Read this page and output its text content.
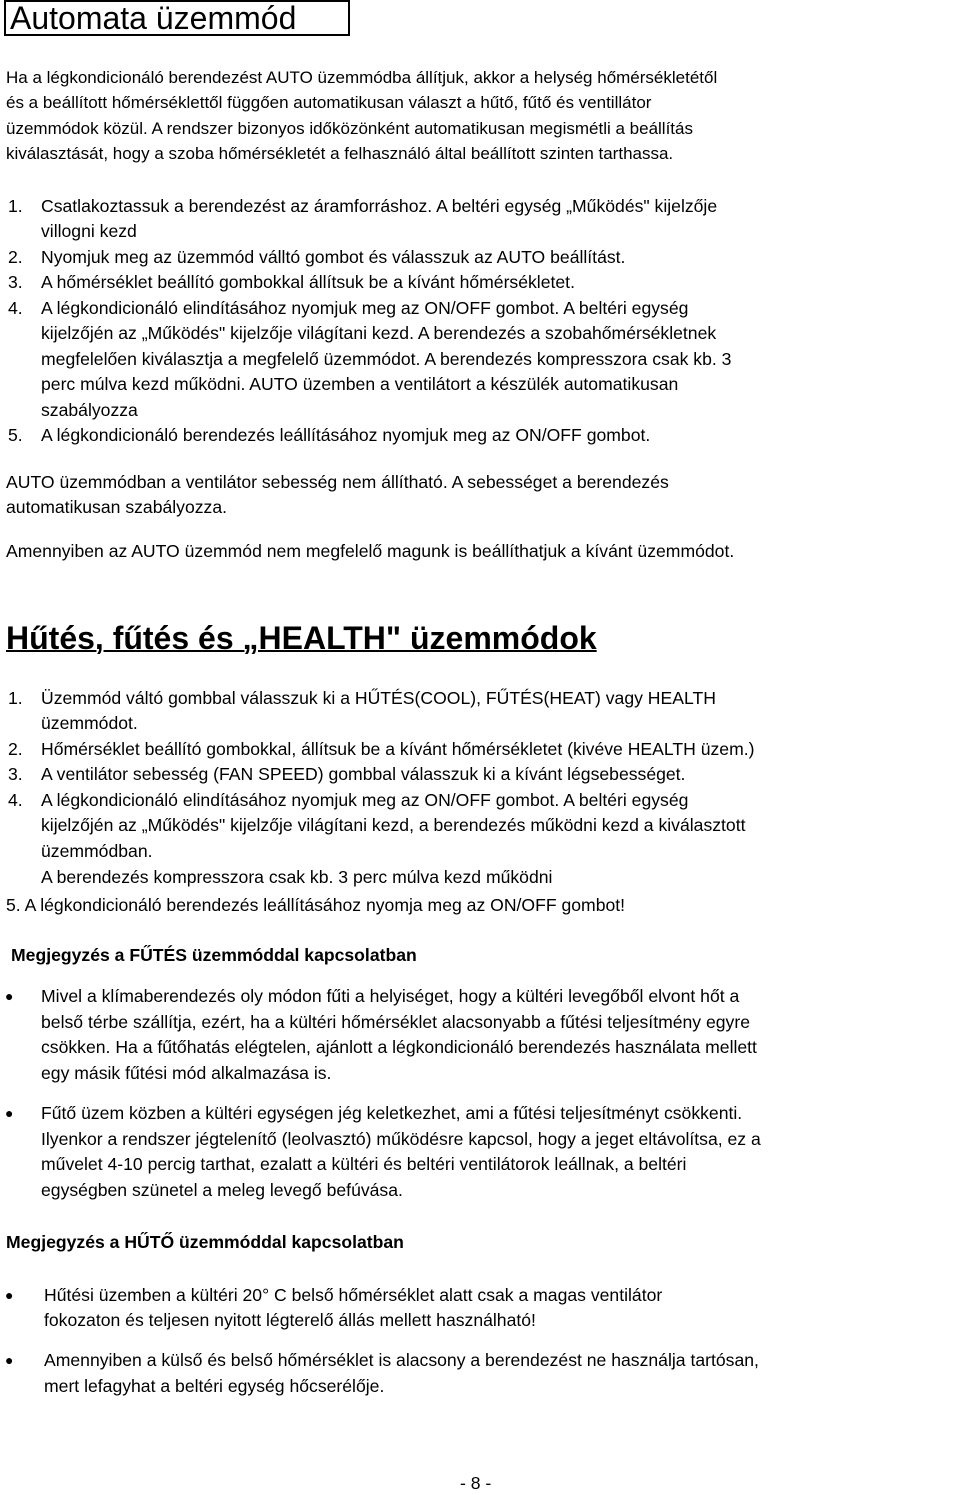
Automata üzemmód
Ha a légkondicionáló berendezést AUTO üzemmódba állítjuk, akkor a helység hőmérsékletétől
és a beállított hőmérséklettől függően automatikusan választ a hűtő, fűtő és ventillátor
üzemmódok közül. A rendszer bizonyos időközönként automatikusan megismétli a beállítás
kiválasztását, hogy a szoba hőmérsékletét a felhasználó által beállított szinten tarthassa.
1. Csatlakoztassuk a berendezést az áramforráshoz. A beltéri egység „Működés" kijelzője
villogni kezd
2. Nyomjuk meg az üzemmód válltó gombot és válasszuk az AUTO beállítást.
3. A hőmérséklet beállító gombokkal állítsuk be a kívánt hőmérsékletet.
4. A légkondicionáló elindításához nyomjuk meg az ON/OFF gombot. A beltéri egység
kijelzőjén az „Működés" kijelzője világítani kezd. A berendezés a szobahőmérsékletnek
megfelelően kiválasztja a megfelelő üzemmódot. A berendezés kompresszora csak kb. 3
perc múlva kezd működni. AUTO üzemben a ventilátort a készülék automatikusan
szabályozza
5. A légkondicionáló berendezés leállításához nyomjuk meg az ON/OFF gombot.
AUTO üzemmódban a ventilátor sebesség nem állítható. A sebességet a berendezés
automatikusan szabályozza.
Amennyiben az AUTO üzemmód nem megfelelő magunk is beállíthatjuk a kívánt üzemmódot.
Hűtés, fűtés és „HEALTH" üzemmódok
1. Üzemmód váltó gombbal válasszuk ki a HŰTÉS(COOL), FŰTÉS(HEAT) vagy HEALTH
üzemmódot.
2. Hőmérséklet beállító gombokkal, állítsuk be a kívánt hőmérsékletet (kivéve HEALTH üzem.)
3. A ventilátor sebesség (FAN SPEED) gombbal válasszuk ki a kívánt légsebességet.
4. A légkondicionáló elindításához nyomjuk meg az ON/OFF gombot. A beltéri egység
kijelzőjén az „Működés" kijelzője világítani kezd, a berendezés működni kezd a kiválasztott
üzemmódban.
A berendezés kompresszora csak kb. 3 perc múlva kezd működni
5. A légkondicionáló berendezés leállításához nyomja meg az ON/OFF gombot!
Megjegyzés a FŰTÉS üzemmóddal kapcsolatban
● Mivel a klímaberendezés oly módon fűti a helyiséget, hogy a kültéri levegőből elvont hőt a
belső térbe szállítja, ezért, ha a kültéri hőmérséklet alacsonyabb a fűtési teljesítmény egyre
csökken. Ha a fűtőhatás elégtelen, ajánlott a légkondicionáló berendezés használata mellett
egy másik fűtési mód alkalmazása is.
● Fűtő üzem közben a kültéri egységen jég keletkezhet, ami a fűtési teljesítményt csökkenti.
Ilyenkor a rendszer jégtelenítő (leolvasztó) működésre kapcsol, hogy a jeget eltávolítsa, ez a
művelet 4-10 percig tarthat, ezalatt a kültéri és beltéri ventilátorok leállnak, a beltéri
egységben szünetel a meleg levegő befúvása.
Megjegyzés a HŰTŐ üzemmóddal kapcsolatban
● Hűtési üzemben a kültéri 20° C belső hőmérséklet alatt csak a magas ventilátor
fokozaton és teljesen nyitott légterelő állás mellett használható!
● Amennyiben a külső és belső hőmérséklet is alacsony a berendezést ne használja tartósan,
mert lefagyhat a beltéri egység hőcserélője.
- 8 -
